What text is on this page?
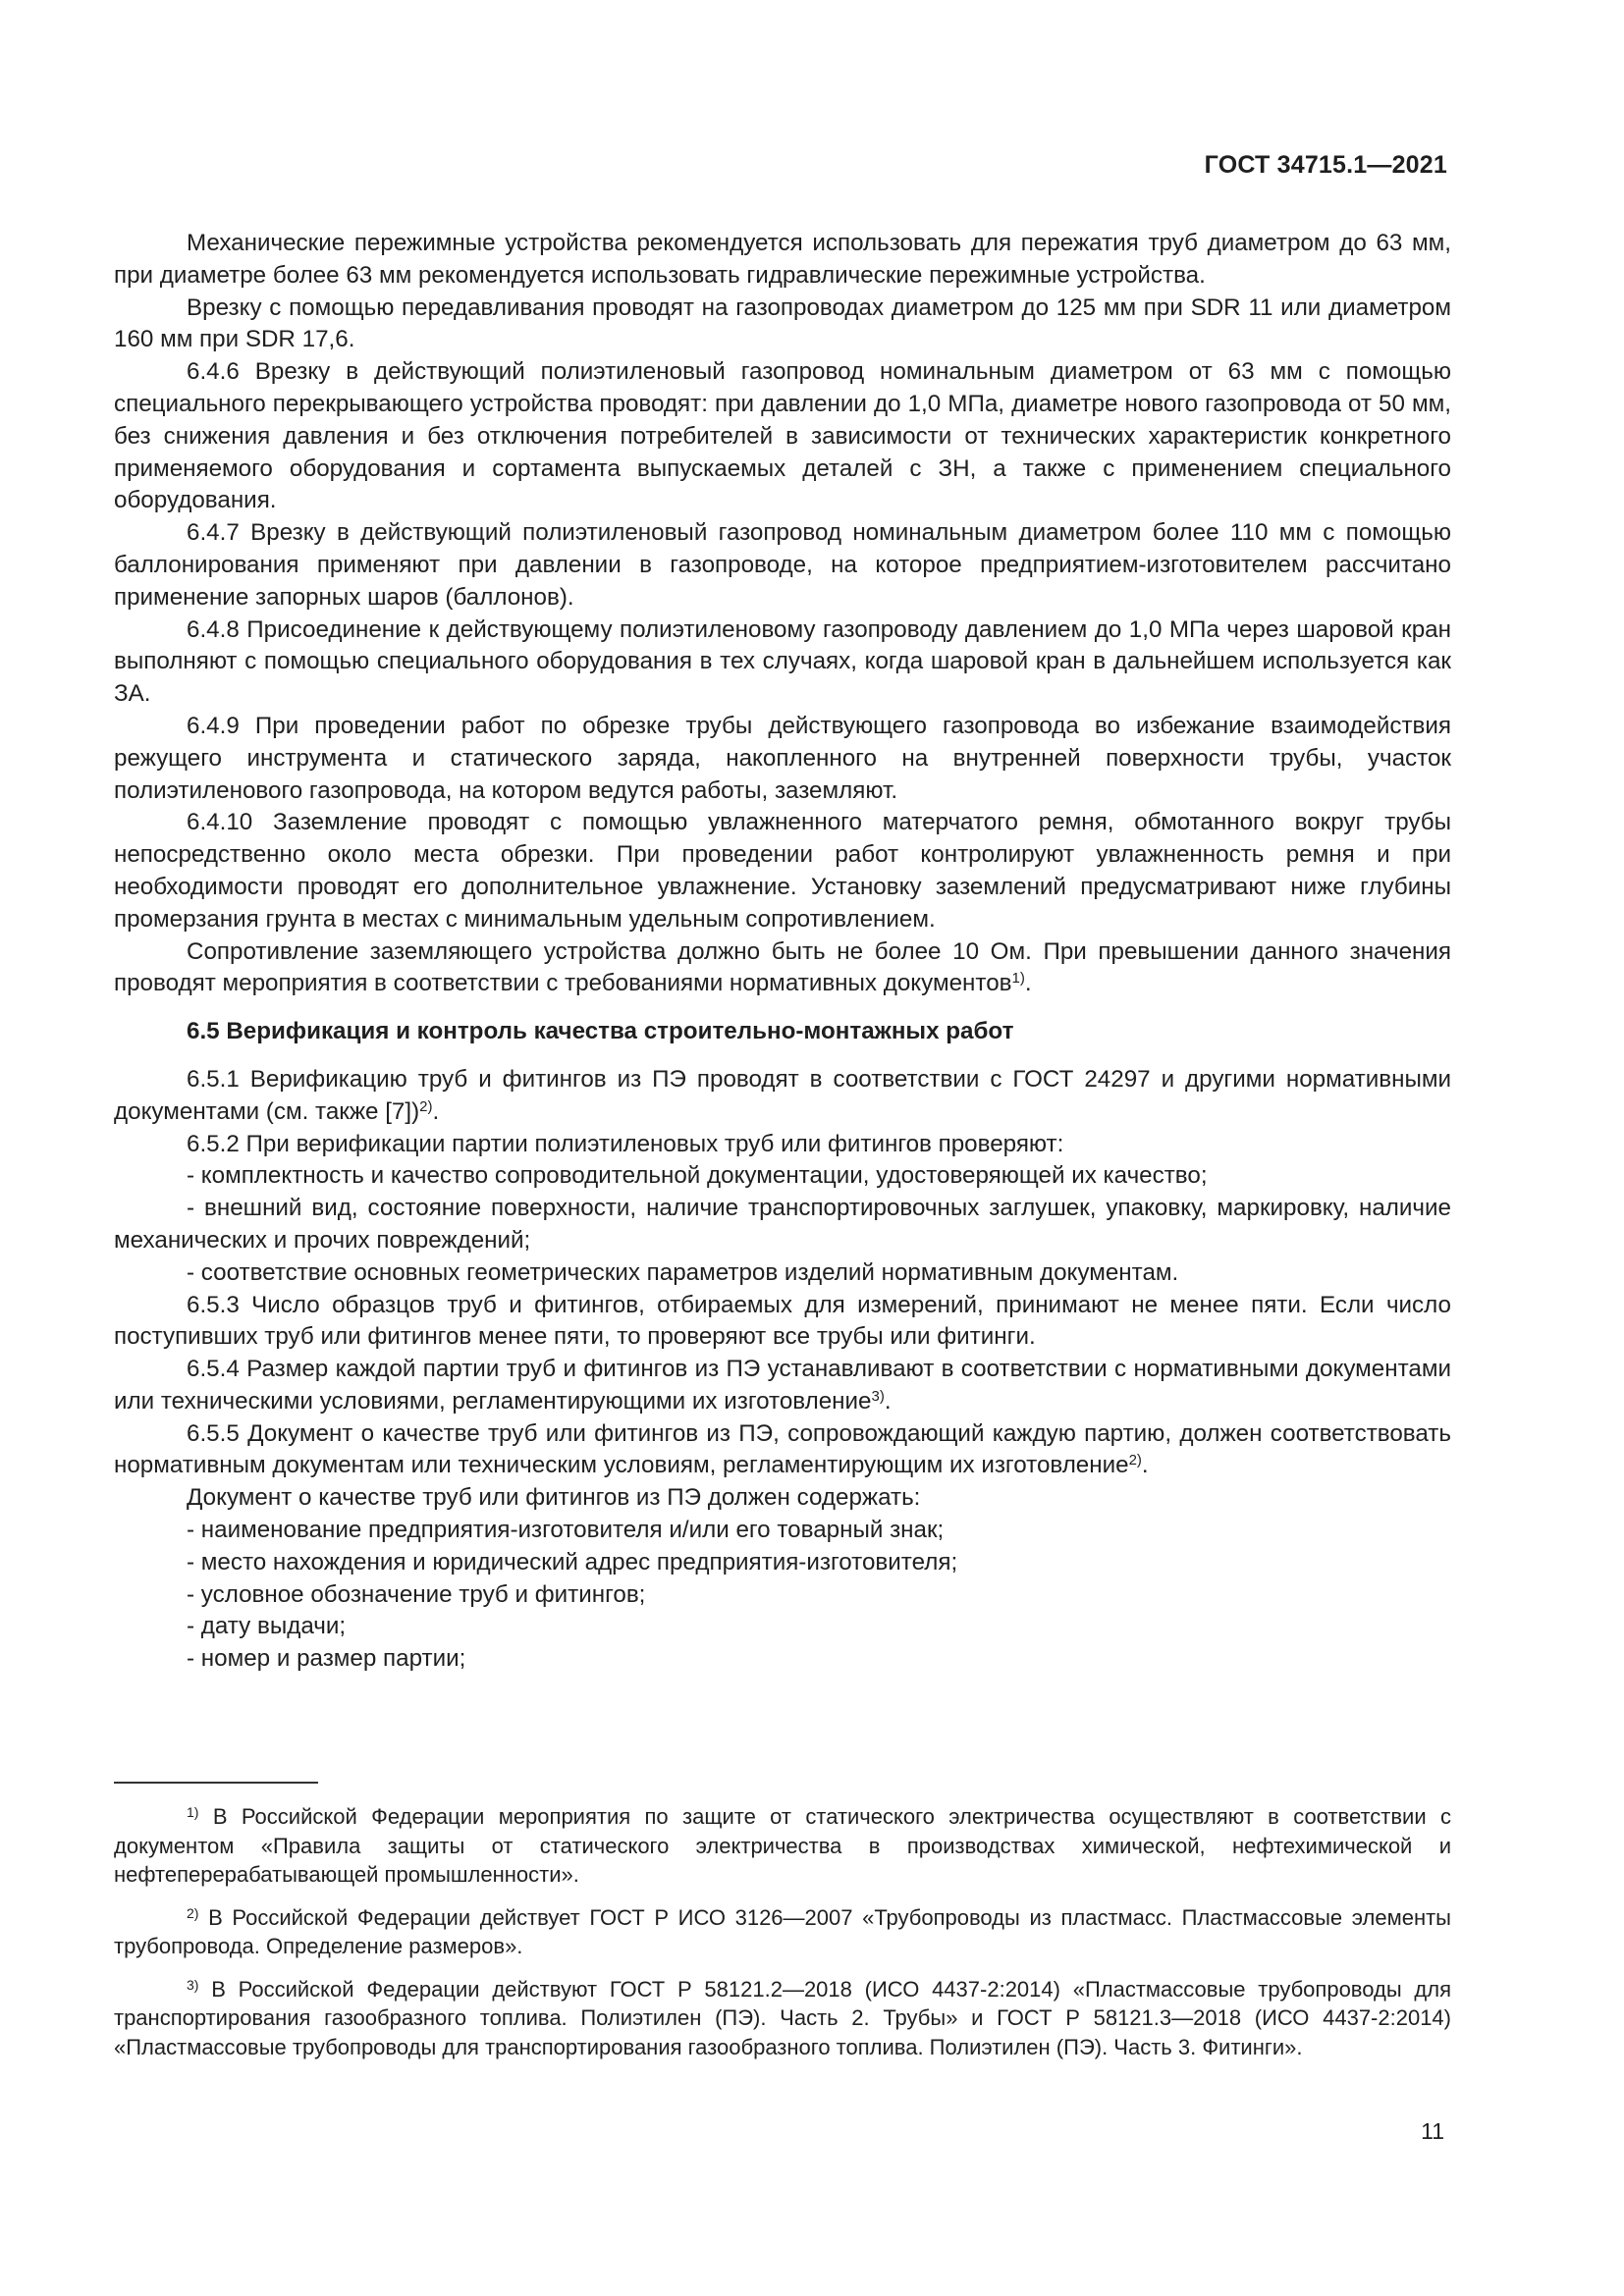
ГОСТ 34715.1—2021

Механические пережимные устройства рекомендуется использовать для пережатия труб диаметром до 63 мм, при диаметре более 63 мм рекомендуется использовать гидравлические пережимные устройства.

Врезку с помощью передавливания проводят на газопроводах диаметром до 125 мм при SDR 11 или диаметром 160 мм при SDR 17,6.

6.4.6 Врезку в действующий полиэтиленовый газопровод номинальным диаметром от 63 мм с помощью специального перекрывающего устройства проводят: при давлении до 1,0 МПа, диаметре нового газопровода от 50 мм, без снижения давления и без отключения потребителей в зависимости от технических характеристик конкретного применяемого оборудования и сортамента выпускаемых деталей с ЗН, а также с применением специального оборудования.

6.4.7 Врезку в действующий полиэтиленовый газопровод номинальным диаметром более 110 мм с помощью баллонирования применяют при давлении в газопроводе, на которое предприятием-изготовителем рассчитано применение запорных шаров (баллонов).

6.4.8 Присоединение к действующему полиэтиленовому газопроводу давлением до 1,0 МПа через шаровой кран выполняют с помощью специального оборудования в тех случаях, когда шаровой кран в дальнейшем используется как ЗА.

6.4.9 При проведении работ по обрезке трубы действующего газопровода во избежание взаимодействия режущего инструмента и статического заряда, накопленного на внутренней поверхности трубы, участок полиэтиленового газопровода, на котором ведутся работы, заземляют.

6.4.10 Заземление проводят с помощью увлажненного матерчатого ремня, обмотанного вокруг трубы непосредственно около места обрезки. При проведении работ контролируют увлажненность ремня и при необходимости проводят его дополнительное увлажнение. Установку заземлений предусматривают ниже глубины промерзания грунта в местах с минимальным удельным сопротивлением.

Сопротивление заземляющего устройства должно быть не более 10 Ом. При превышении данного значения проводят мероприятия в соответствии с требованиями нормативных документов$^{1)}$.

6.5 Верификация и контроль качества строительно-монтажных работ

6.5.1 Верификацию труб и фитингов из ПЭ проводят в соответствии с ГОСТ 24297 и другими нормативными документами (см. также [7])$^{2)}$.

6.5.2 При верификации партии полиэтиленовых труб или фитингов проверяют:

- комплектность и качество сопроводительной документации, удостоверяющей их качество;

- внешний вид, состояние поверхности, наличие транспортировочных заглушек, упаковку, маркировку, наличие механических и прочих повреждений;

- соответствие основных геометрических параметров изделий нормативным документам.

6.5.3 Число образцов труб и фитингов, отбираемых для измерений, принимают не менее пяти. Если число поступивших труб или фитингов менее пяти, то проверяют все трубы или фитинги.

6.5.4 Размер каждой партии труб и фитингов из ПЭ устанавливают в соответствии с нормативными документами или техническими условиями, регламентирующими их изготовление$^{3)}$.

6.5.5 Документ о качестве труб или фитингов из ПЭ, сопровождающий каждую партию, должен соответствовать нормативным документам или техническим условиям, регламентирующим их изготовление$^{2)}$.

Документ о качестве труб или фитингов из ПЭ должен содержать:

- наименование предприятия-изготовителя и/или его товарный знак;

- место нахождения и юридический адрес предприятия-изготовителя;

- условное обозначение труб и фитингов;

- дату выдачи;

- номер и размер партии;

$^{1)}$ В Российской Федерации мероприятия по защите от статического электричества осуществляют в соответствии с документом «Правила защиты от статического электричества в производствах химической, нефтехимической и нефтеперерабатывающей промышленности».

$^{2)}$ В Российской Федерации действует ГОСТ Р ИСО 3126—2007 «Трубопроводы из пластмасс. Пластмассовые элементы трубопровода. Определение размеров».

$^{3)}$ В Российской Федерации действуют ГОСТ Р 58121.2—2018 (ИСО 4437-2:2014) «Пластмассовые трубопроводы для транспортирования газообразного топлива. Полиэтилен (ПЭ). Часть 2. Трубы» и ГОСТ Р 58121.3—2018 (ИСО 4437-2:2014) «Пластмассовые трубопроводы для транспортирования газообразного топлива. Полиэтилен (ПЭ). Часть 3. Фитинги».

11
